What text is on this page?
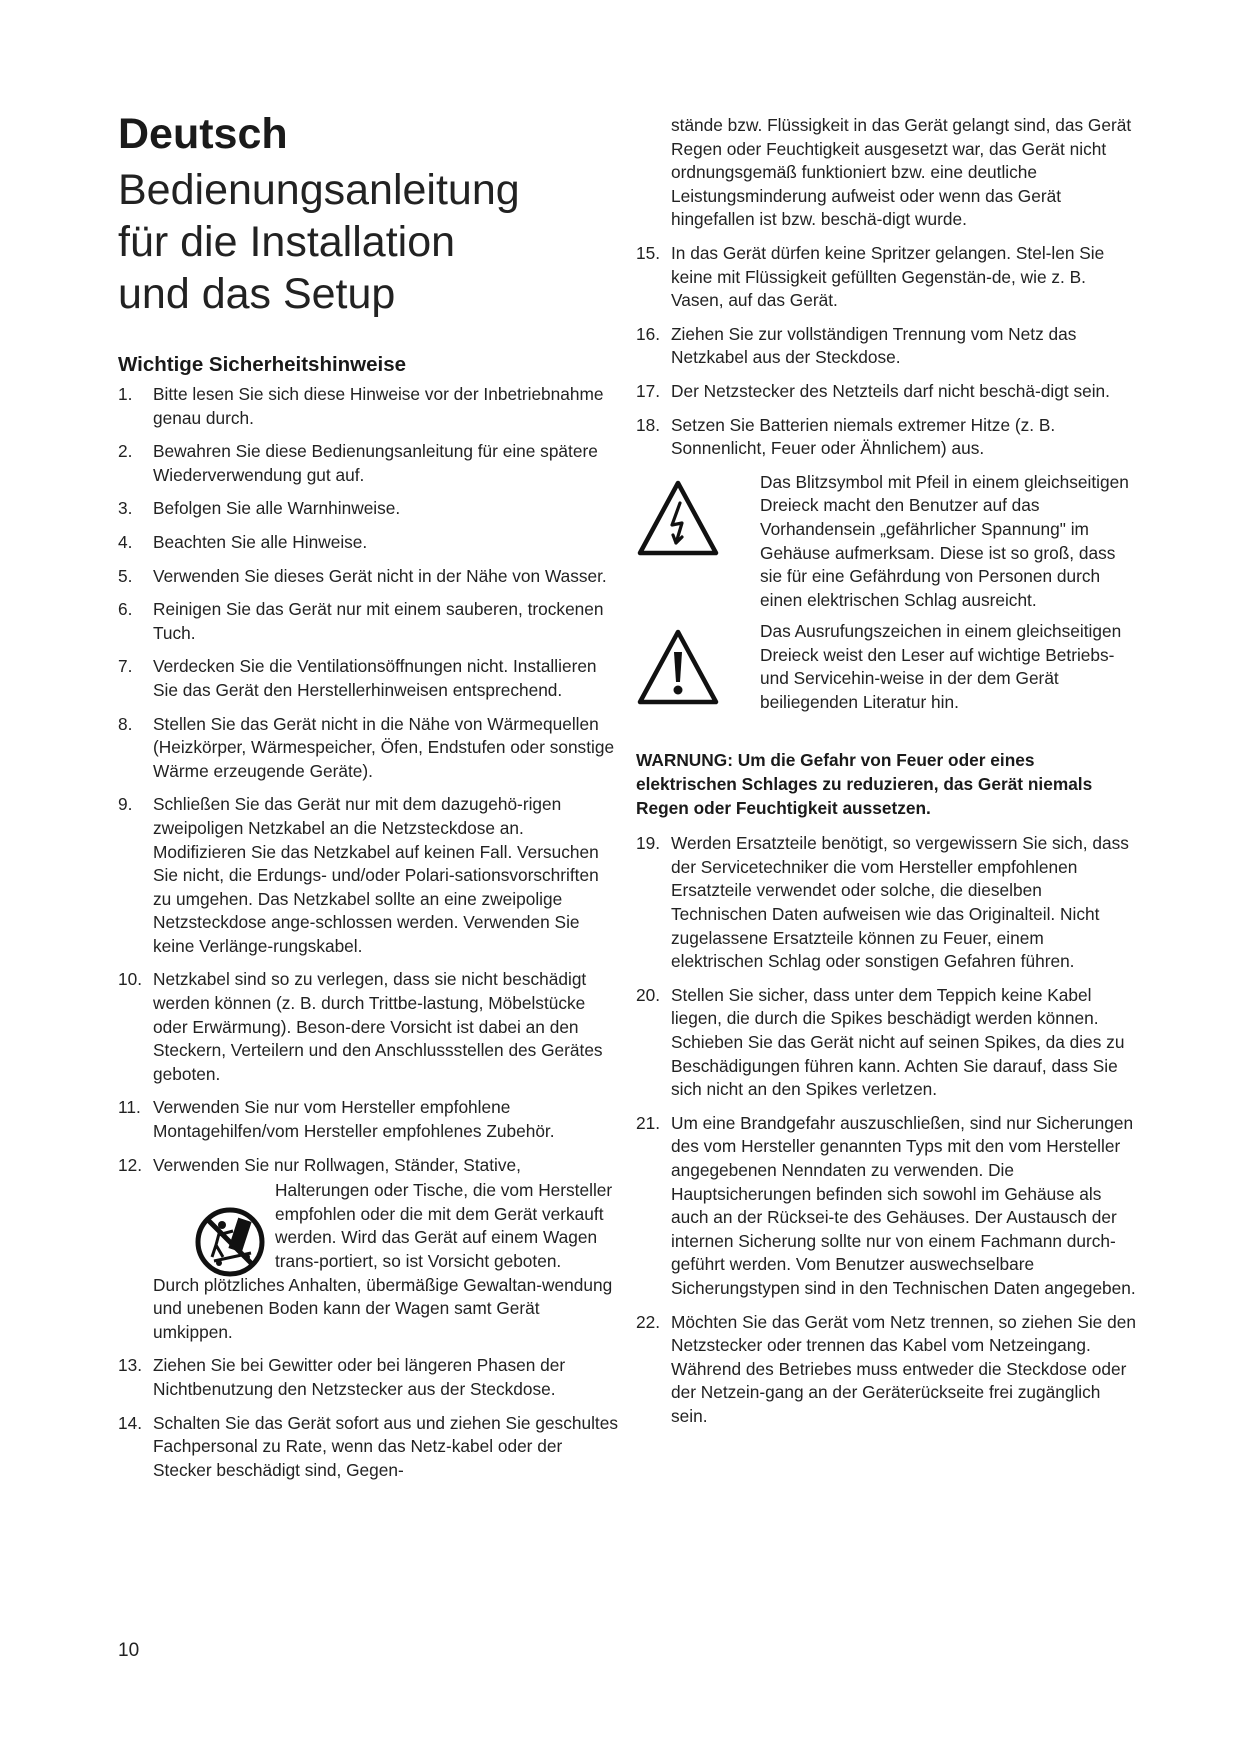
Deutsch
Bedienungsanleitung
für die Installation
und das Setup
Wichtige Sicherheitshinweise
1. Bitte lesen Sie sich diese Hinweise vor der Inbetriebnahme genau durch.
2. Bewahren Sie diese Bedienungsanleitung für eine spätere Wiederverwendung gut auf.
3. Befolgen Sie alle Warnhinweise.
4. Beachten Sie alle Hinweise.
5. Verwenden Sie dieses Gerät nicht in der Nähe von Wasser.
6. Reinigen Sie das Gerät nur mit einem sauberen, trockenen Tuch.
7. Verdecken Sie die Ventilationsöffnungen nicht. Installieren Sie das Gerät den Herstellerhinweisen entsprechend.
8. Stellen Sie das Gerät nicht in die Nähe von Wärmequellen (Heizkörper, Wärmespeicher, Öfen, Endstufen oder sonstige Wärme erzeugende Geräte).
9. Schließen Sie das Gerät nur mit dem dazugehö-rigen zweipoligen Netzkabel an die Netzsteckdose an. Modifizieren Sie das Netzkabel auf keinen Fall. Versuchen Sie nicht, die Erdungs- und/oder Polari-sationsvorschriften zu umgehen. Das Netzkabel sollte an eine zweipolige Netzsteckdose ange-schlossen werden. Verwenden Sie keine Verlänge-rungskabel.
10. Netzkabel sind so zu verlegen, dass sie nicht beschädigt werden können (z. B. durch Trittbe-lastung, Möbelstücke oder Erwärmung). Beson-dere Vorsicht ist dabei an den Steckern, Verteilern und den Anschlussstellen des Gerätes geboten.
11. Verwenden Sie nur vom Hersteller empfohlene Montagehilfen/vom Hersteller empfohlenes Zubehör.
12. Verwenden Sie nur Rollwagen, Ständer, Stative,
Halterungen oder Tische, die vom Hersteller empfohlen oder die mit dem Gerät verkauft werden. Wird das Gerät auf einem Wagen trans-portiert, so ist Vorsicht geboten.
Durch plötzliches Anhalten, übermäßige Gewaltan-wendung und unebenen Boden kann der Wagen samt Gerät umkippen.
13. Ziehen Sie bei Gewitter oder bei längeren Phasen der Nichtbenutzung den Netzstecker aus der Steckdose.
14. Schalten Sie das Gerät sofort aus und ziehen Sie geschultes Fachpersonal zu Rate, wenn das Netz-kabel oder der Stecker beschädigt sind, Gegen-

stände bzw. Flüssigkeit in das Gerät gelangt sind, das Gerät Regen oder Feuchtigkeit ausgesetzt war, das Gerät nicht ordnungsgemäß funktioniert bzw. eine deutliche Leistungsminderung aufweist oder wenn das Gerät hingefallen ist bzw. beschä-digt wurde.

15. In das Gerät dürfen keine Spritzer gelangen. Stel-len Sie keine mit Flüssigkeit gefüllten Gegenstän-de, wie z. B. Vasen, auf das Gerät.
16. Ziehen Sie zur vollständigen Trennung vom Netz das Netzkabel aus der Steckdose.
17. Der Netzstecker des Netzteils darf nicht beschä-digt sein.
18. Setzen Sie Batterien niemals extremer Hitze (z. B. Sonnenlicht, Feuer oder Ähnlichem) aus.
Das Blitzsymbol mit Pfeil in einem gleichseitigen Dreieck macht den Benutzer auf das Vorhandensein „gefährlicher Spannung" im Gehäuse aufmerksam. Diese ist so groß, dass sie für eine Gefährdung von Personen durch einen elektrischen Schlag ausreicht.
Das Ausrufungszeichen in einem gleichseitigen Dreieck weist den Leser auf wichtige Betriebs- und Servicehin-weise in der dem Gerät beiliegenden Literatur hin.

WARNUNG: Um die Gefahr von Feuer oder eines elektrischen Schlages zu reduzieren, das Gerät niemals Regen oder Feuchtigkeit aussetzen.

19. Werden Ersatzteile benötigt, so vergewissern Sie sich, dass der Servicetechniker die vom Hersteller empfohlenen Ersatzteile verwendet oder solche, die dieselben Technischen Daten aufweisen wie das Originalteil. Nicht zugelassene Ersatzteile können zu Feuer, einem elektrischen Schlag oder sonstigen Gefahren führen.
20. Stellen Sie sicher, dass unter dem Teppich keine Kabel liegen, die durch die Spikes beschädigt werden können. Schieben Sie das Gerät nicht auf seinen Spikes, da dies zu Beschädigungen führen kann. Achten Sie darauf, dass Sie sich nicht an den Spikes verletzen.
21. Um eine Brandgefahr auszuschließen, sind nur Sicherungen des vom Hersteller genannten Typs mit den vom Hersteller angegebenen Nenndaten zu verwenden. Die Hauptsicherungen befinden sich sowohl im Gehäuse als auch an der Rücksei-te des Gehäuses. Der Austausch der internen Sicherung sollte nur von einem Fachmann durch-geführt werden. Vom Benutzer auswechselbare Sicherungstypen sind in den Technischen Daten angegeben.
22. Möchten Sie das Gerät vom Netz trennen, so ziehen Sie den Netzstecker oder trennen das Kabel vom Netzeingang. Während des Betriebes muss entweder die Steckdose oder der Netzein-gang an der Geräterückseite frei zugänglich sein.
10
